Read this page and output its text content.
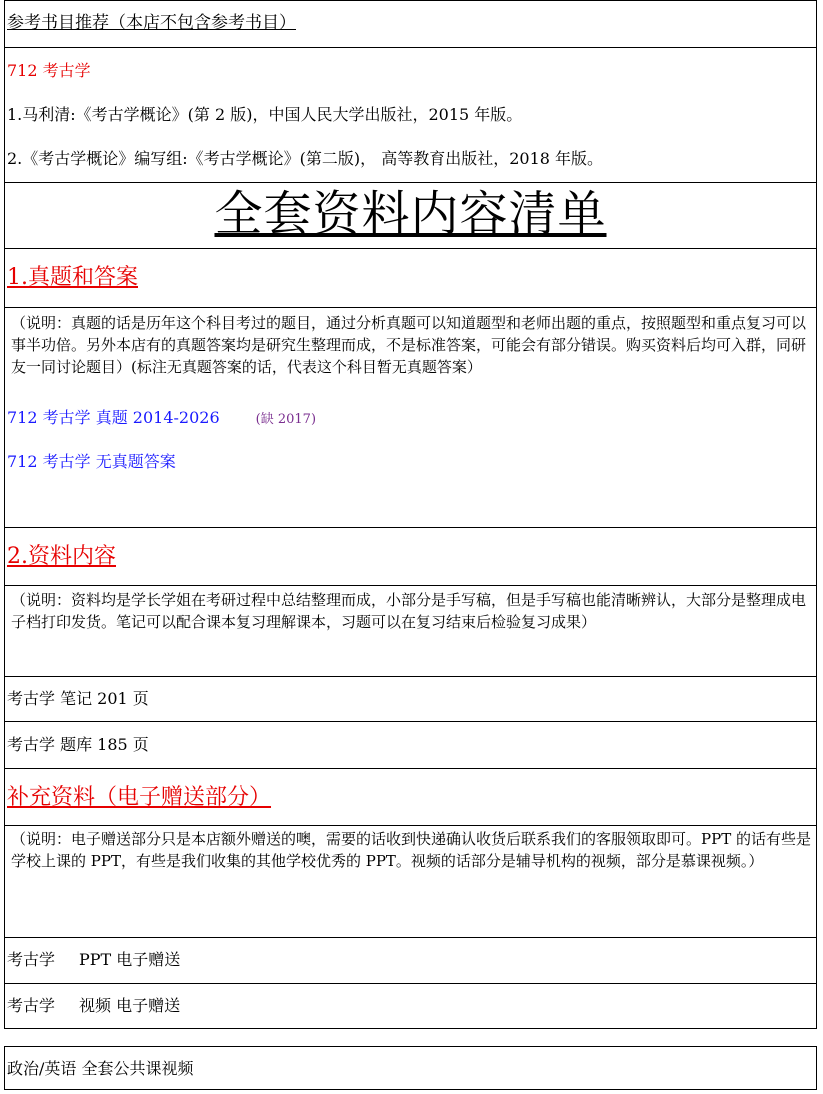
参考书目推荐（本店不包含参考书目）
712 考古学
1.马利清:《考古学概论》(第 2 版)，中国人民大学出版社，2015 年版。
2.《考古学概论》编写组:《考古学概论》(第二版)， 高等教育出版社，2018 年版。
全套资料内容清单
1.真题和答案
（说明：真题的话是历年这个科目考过的题目，通过分析真题可以知道题型和老师出题的重点，按照题型和重点复习可以事半功倍。另外本店有的真题答案均是研究生整理而成，不是标准答案，可能会有部分错误。购买资料后均可入群，同研友一同讨论题目）(标注无真题答案的话，代表这个科目暂无真题答案）
712 考古学 真题 2014-2026	(缺 2017)
712 考古学 无真题答案
2.资料内容
（说明：资料均是学长学姐在考研过程中总结整理而成，小部分是手写稿，但是手写稿也能清晰辨认，大部分是整理成电子档打印发货。笔记可以配合课本复习理解课本，习题可以在复习结束后检验复习成果）
考古学 笔记 201 页
考古学 题库 185 页
补充资料（电子赠送部分）
（说明：电子赠送部分只是本店额外赠送的噢，需要的话收到快递确认收货后联系我们的客服领取即可。PPT 的话有些是学校上课的 PPT，有些是我们收集的其他学校优秀的 PPT。视频的话部分是辅导机构的视频，部分是慕课视频。）
考古学 PPT 电子赠送
考古学 视频 电子赠送
政治/英语 全套公共课视频
